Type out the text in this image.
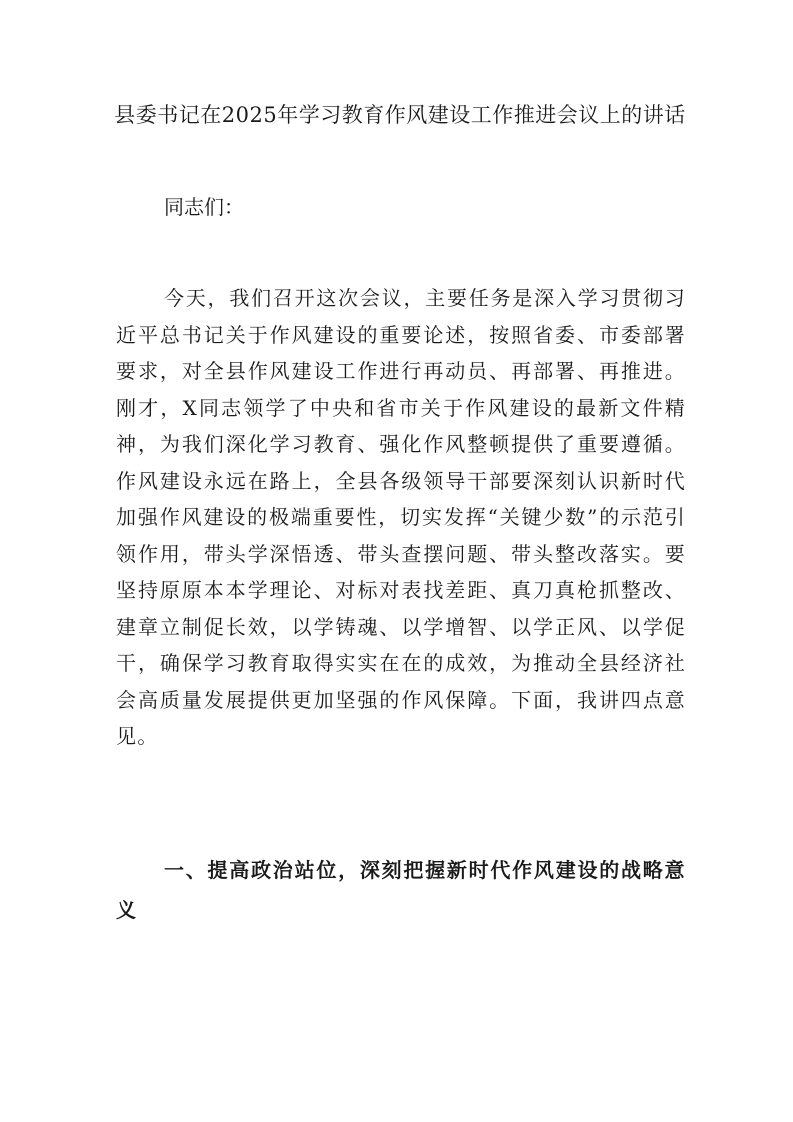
县委书记在2025年学习教育作风建设工作推进会议上的讲话
同志们：
今天，我们召开这次会议，主要任务是深入学习贯彻习近平总书记关于作风建设的重要论述，按照省委、市委部署要求，对全县作风建设工作进行再动员、再部署、再推进。刚才，X同志领学了中央和省市关于作风建设的最新文件精神，为我们深化学习教育、强化作风整顿提供了重要遵循。作风建设永远在路上，全县各级领导干部要深刻认识新时代加强作风建设的极端重要性，切实发挥“关键少数”的示范引领作用，带头学深悟透、带头查摆问题、带头整改落实。要坚持原原本本学理论、对标对表找差距、真刀真枪抓整改、建章立制促长效，以学铸魂、以学增智、以学正风、以学促干，确保学习教育取得实实在在的成效，为推动全县经济社会高质量发展提供更加坚强的作风保障。下面，我讲四点意见。
一、提高政治站位，深刻把握新时代作风建设的战略意义
